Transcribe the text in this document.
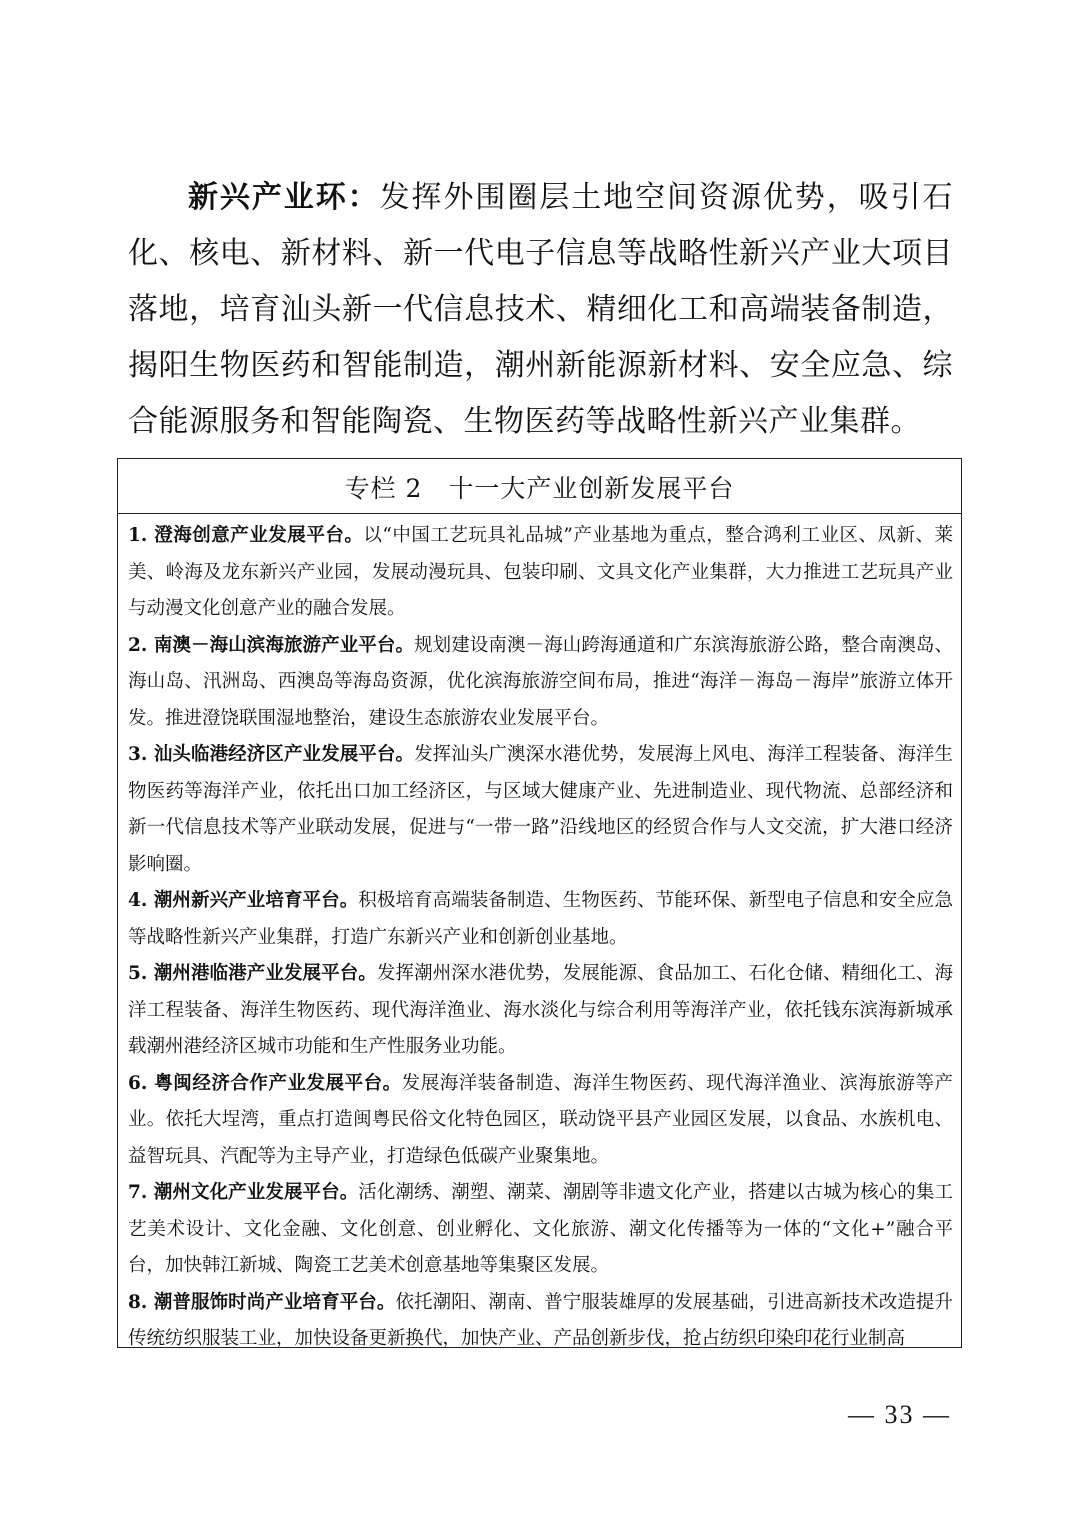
新兴产业环：发挥外围圈层土地空间资源优势，吸引石化、核电、新材料、新一代电子信息等战略性新兴产业大项目落地，培育汕头新一代信息技术、精细化工和高端装备制造，揭阳生物医药和智能制造，潮州新能源新材料、安全应急、综合能源服务和智能陶瓷、生物医药等战略性新兴产业集群。
专栏 2 十一大产业创新发展平台
1. 澄海创意产业发展平台。以“中国工艺玩具礼品城”产业基地为重点，整合鸿利工业区、凤新、莱美、岭海及龙东新兴产业园，发展动漫玩具、包装印刷、文具文化产业集群，大力推进工艺玩具产业与动漫文化创意产业的融合发展。
2. 南澳－海山滨海旅游产业平台。规划建设南澳－海山跨海通道和广东滨海旅游公路，整合南澳岛、海山岛、汛洲岛、西澳岛等海岛资源，优化滨海旅游空间布局，推进“海洋－海岛－海岸”旅游立体开发。推进澄饶联围湿地整治，建设生态旅游农业发展平台。
3. 汕头临港经济区产业发展平台。发挥汕头广澳深水港优势，发展海上风电、海洋工程装备、海洋生物医药等海洋产业，依托出口加工经济区，与区域大健康产业、先进制造业、现代物流、总部经济和新一代信息技术等产业联动发展，促进与“一带一路”沿线地区的经贸合作与人文交流，扩大港口经济影响圈。
4. 潮州新兴产业培育平台。积极培育高端装备制造、生物医药、节能环保、新型电子信息和安全应急等战略性新兴产业集群，打造广东新兴产业和创新创业基地。
5. 潮州港临港产业发展平台。发挥潮州深水港优势，发展能源、食品加工、石化仓储、精细化工、海洋工程装备、海洋生物医药、现代海洋渔业、海水淡化与综合利用等海洋产业，依托钱东滨海新城承载潮州港经济区城市功能和生产性服务业功能。
6. 粤闽经济合作产业发展平台。发展海洋装备制造、海洋生物医药、现代海洋渔业、滨海旅游等产业。依托大埕湾，重点打造闽粤民俗文化特色园区，联动饶平县产业园区发展，以食品、水族机电、益智玩具、汽配等为主导产业，打造绿色低碳产业聚集地。
7. 潮州文化产业发展平台。活化潮绣、潮塑、潮菜、潮剧等非遗文化产业，搭建以古城为核心的集工艺美术设计、文化金融、文化创意、创业孵化、文化旅游、潮文化传播等为一体的“文化+”融合平台，加快韩江新城、陶瓷工艺美术创意基地等集聚区发展。
8. 潮普服饰时尚产业培育平台。依托潮阳、潮南、普宁服装雄厚的发展基础，引进高新技术改造提升传统纺织服装工业，加快设备更新换代，加快产业、产品创新步伐，抢占纺织印染印花行业制高
— 33 —
